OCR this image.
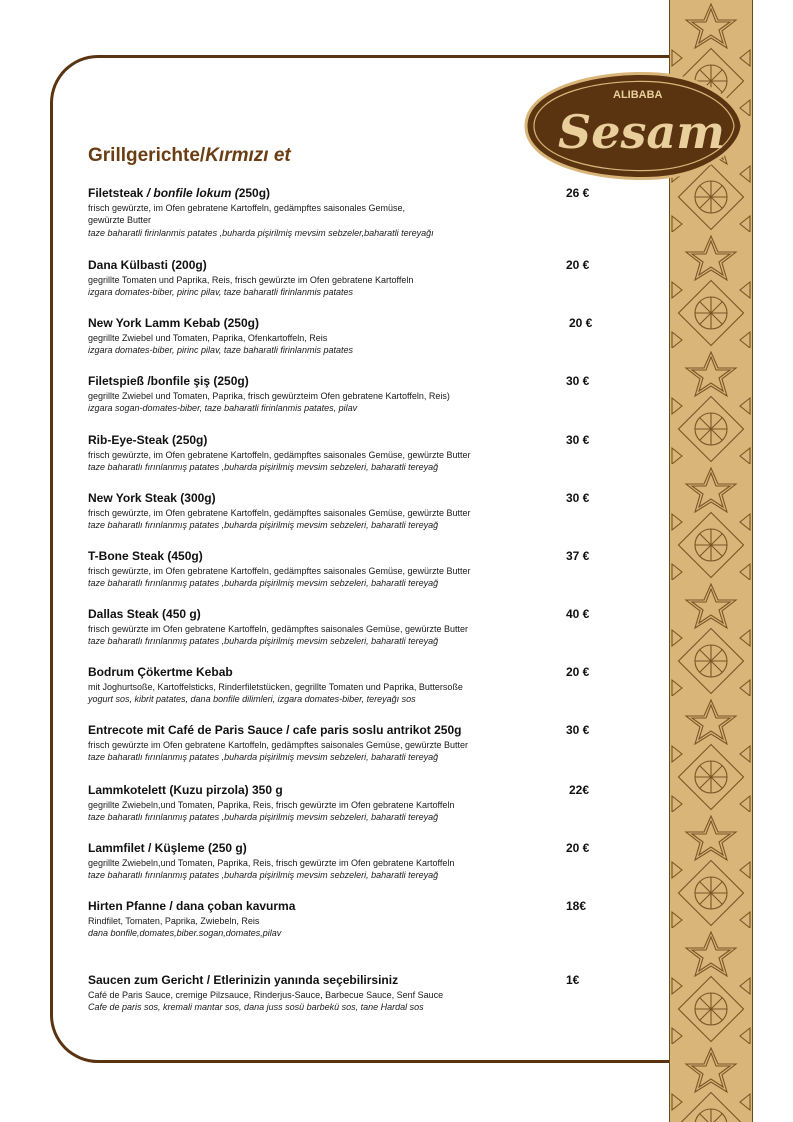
ALIBABA
Sesam
Grillgerichte/Kırmızı et
Filetsteak / bonfile lokum (250g)
frisch gewürzte, im Ofen gebratene Kartoffeln, gedämpftes saisonales Gemüse,
gewürzte Butter
taze baharatli firinlanmis patates ,buharda pişirilmiş mevsim sebzeler,baharatli tereyağı
26 €
Dana Külbasti (200g)
gegrillte Tomaten und Paprika, Reis, frisch gewürzte im Ofen gebratene Kartoffeln
izgara domates-biber, pirinc pilav, taze baharatli firinlanmis patates
20 €
New York Lamm Kebab (250g)
gegrillte Zwiebel und Tomaten, Paprika, Ofenkartoffeln, Reis
izgara domates-biber, pirinc pilav, taze baharatli firinlanmis patates
20 €
Filetspieß /bonfile şiş (250g)
gegrillte Zwiebel und Tomaten, Paprika, frisch gewürzteim Ofen gebratene Kartoffeln, Reis)
izgara sogan-domates-biber, taze baharatli firinlanmis patates, pilav
30 €
Rib-Eye-Steak (250g)
frisch gewürzte, im Ofen gebratene Kartoffeln, gedämpftes saisonales Gemüse, gewürzte Butter
taze baharatlı fırınlanmış patates ,buharda pişirilmiş mevsim sebzeleri, baharatli tereyağ
30 €
New York Steak (300g)
frisch gewürzte, im Ofen gebratene Kartoffeln, gedämpftes saisonales Gemüse, gewürzte Butter
taze baharatlı fırınlanmış patates ,buharda pişirilmiş mevsim sebzeleri, baharatli tereyağ
30 €
T-Bone Steak (450g)
frisch gewürzte, im Ofen gebratene Kartoffeln, gedämpftes saisonales Gemüse, gewürzte Butter
taze baharatlı fırınlanmış patates ,buharda pişirilmiş mevsim sebzeleri, baharatli tereyağ
37 €
Dallas Steak (450 g)
frisch gewürzte im Ofen gebratene Kartoffeln, gedämpftes saisonales Gemüse, gewürzte Butter
taze baharatlı fırınlanmış patates ,buharda pişirilmiş mevsim sebzeleri, baharatli tereyağ
40 €
Bodrum Çökertme Kebab
mit Joghurtsoße, Kartoffelsticks, Rinderfiletstücken, gegrillte Tomaten und Paprika, Buttersoße
yogurt sos, kibrit patates, dana bonfile dilimleri, izgara domates-biber, tereyağı sos
20 €
Entrecote mit Café de Paris Sauce / cafe paris soslu antrikot 250g
frisch gewürzte im Ofen gebratene Kartoffeln, gedämpftes saisonales Gemüse, gewürzte Butter
taze baharatlı fırınlanmış patates ,buharda pişirilmiş mevsim sebzeleri, baharatli tereyağ
30 €
Lammkotelett (Kuzu pirzola) 350 g
gegrillte Zwiebeln,und Tomaten, Paprika, Reis, frisch gewürzte im Ofen gebratene Kartoffeln
taze baharatlı fırınlanmış patates ,buharda pişirilmiş mevsim sebzeleri, baharatli tereyağ
22€
Lammfilet / Küşleme (250 g)
gegrillte Zwiebeln,und Tomaten, Paprika, Reis, frisch gewürzte im Ofen gebratene Kartoffeln
taze baharatlı fırınlanmış patates ,buharda pişirilmiş mevsim sebzeleri, baharatli tereyağ
20 €
Hirten Pfanne / dana çoban kavurma
Rindfilet, Tomaten, Paprika, Zwiebeln, Reis
dana bonfile,domates,biber.sogan,domates,pilav
18€
Saucen zum Gericht / Etlerinizin yanında seçebilirsiniz
Café de Paris Sauce, cremige Pilzsauce, Rinderjus-Sauce, Barbecue Sauce, Senf Sauce
Cafe de paris sos, kremali mantar sos, dana juss sosü barbekü sos, tane Hardal sos
1€
